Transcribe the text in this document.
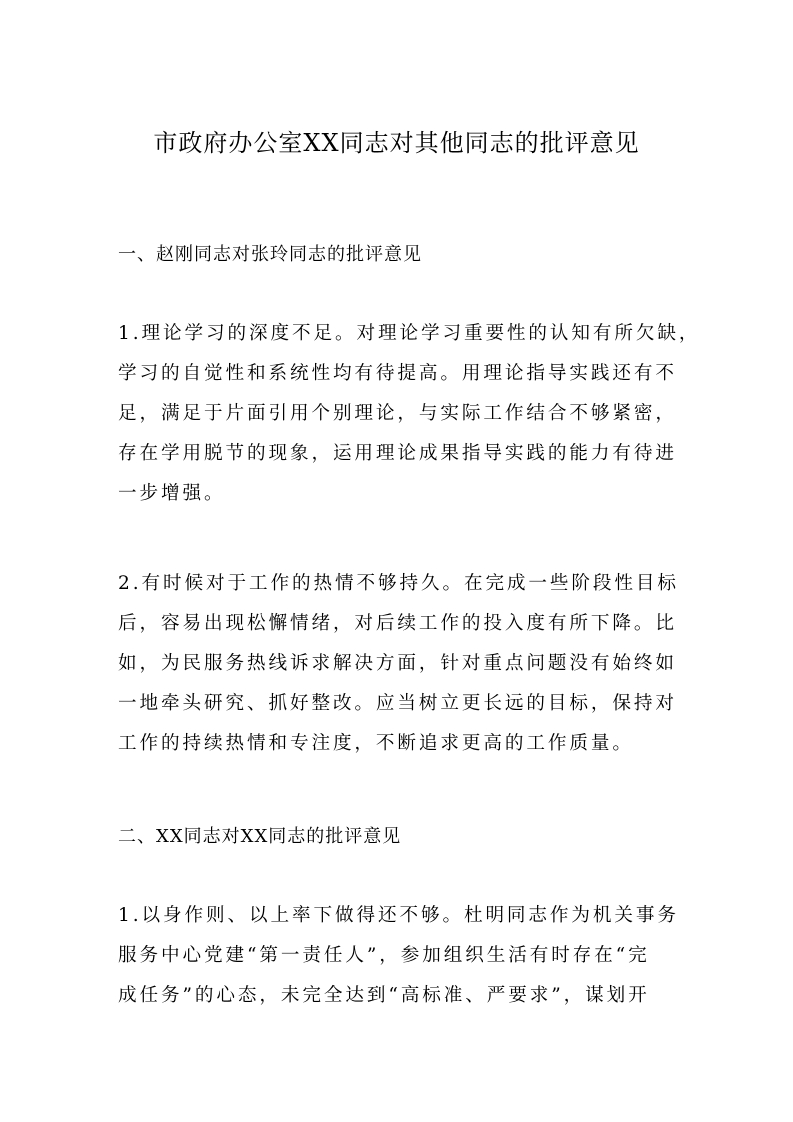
市政府办公室XX同志对其他同志的批评意见
一、赵刚同志对张玲同志的批评意见
1.理论学习的深度不足。对理论学习重要性的认知有所欠缺，
学习的自觉性和系统性均有待提高。用理论指导实践还有不
足，满足于片面引用个别理论，与实际工作结合不够紧密，
存在学用脱节的现象，运用理论成果指导实践的能力有待进
一步增强。
2.有时候对于工作的热情不够持久。在完成一些阶段性目标
后，容易出现松懈情绪，对后续工作的投入度有所下降。比
如，为民服务热线诉求解决方面，针对重点问题没有始终如
一地牵头研究、抓好整改。应当树立更长远的目标，保持对
工作的持续热情和专注度，不断追求更高的工作质量。
二、XX同志对XX同志的批评意见
1.以身作则、以上率下做得还不够。杜明同志作为机关事务
服务中心党建“第一责任人”，参加组织生活有时存在“完
成任务”的心态，未完全达到“高标准、严要求”，谋划开
